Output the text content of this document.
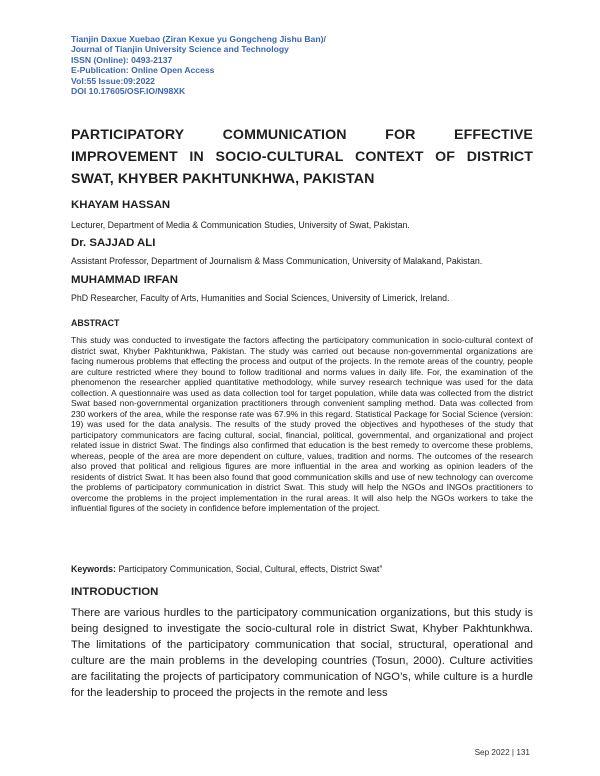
Tianjin Daxue Xuebao (Ziran Kexue yu Gongcheng Jishu Ban)/
Journal of Tianjin University Science and Technology
ISSN (Online): 0493-2137
E-Publication: Online Open Access
Vol:55 Issue:09:2022
DOI 10.17605/OSF.IO/N98XK
PARTICIPATORY COMMUNICATION FOR EFFECTIVE IMPROVEMENT IN SOCIO-CULTURAL CONTEXT OF DISTRICT SWAT, KHYBER PAKHTUNKHWA, PAKISTAN
KHAYAM HASSAN
Lecturer, Department of Media & Communication Studies, University of Swat, Pakistan.
Dr. SAJJAD ALI
Assistant Professor, Department of Journalism & Mass Communication, University of Malakand, Pakistan.
MUHAMMAD IRFAN
PhD Researcher, Faculty of Arts, Humanities and Social Sciences, University of Limerick, Ireland.
ABSTRACT
This study was conducted to investigate the factors affecting the participatory communication in socio-cultural context of district swat, Khyber Pakhtunkhwa, Pakistan. The study was carried out because non-governmental organizations are facing numerous problems that effecting the process and output of the projects. In the remote areas of the country, people are culture restricted where they bound to follow traditional and norms values in daily life. For, the examination of the phenomenon the researcher applied quantitative methodology, while survey research technique was used for the data collection. A questionnaire was used as data collection tool for target population, while data was collected from the district Swat based non-governmental organization practitioners through convenient sampling method. Data was collected from 230 workers of the area, while the response rate was 67.9% in this regard. Statistical Package for Social Science (version: 19) was used for the data analysis. The results of the study proved the objectives and hypotheses of the study that participatory communicators are facing cultural, social, financial, political, governmental, and organizational and project related issue in district Swat. The findings also confirmed that education is the best remedy to overcome these problems, whereas, people of the area are more dependent on culture, values, tradition and norms. The outcomes of the research also proved that political and religious figures are more influential in the area and working as opinion leaders of the residents of district Swat. It has been also found that good communication skills and use of new technology can overcome the problems of participatory communication in district Swat. This study will help the NGOs and INGOs practitioners to overcome the problems in the project implementation in the rural areas. It will also help the NGOs workers to take the influential figures of the society in confidence before implementation of the project.
Keywords: Participatory Communication, Social, Cultural, effects, District Swat”
INTRODUCTION
There are various hurdles to the participatory communication organizations, but this study is being designed to investigate the socio-cultural role in district Swat, Khyber Pakhtunkhwa. The limitations of the participatory communication that social, structural, operational and culture are the main problems in the developing countries (Tosun, 2000). Culture activities are facilitating the projects of participatory communication of NGO’s, while culture is a hurdle for the leadership to proceed the projects in the remote and less
Sep 2022 | 131
